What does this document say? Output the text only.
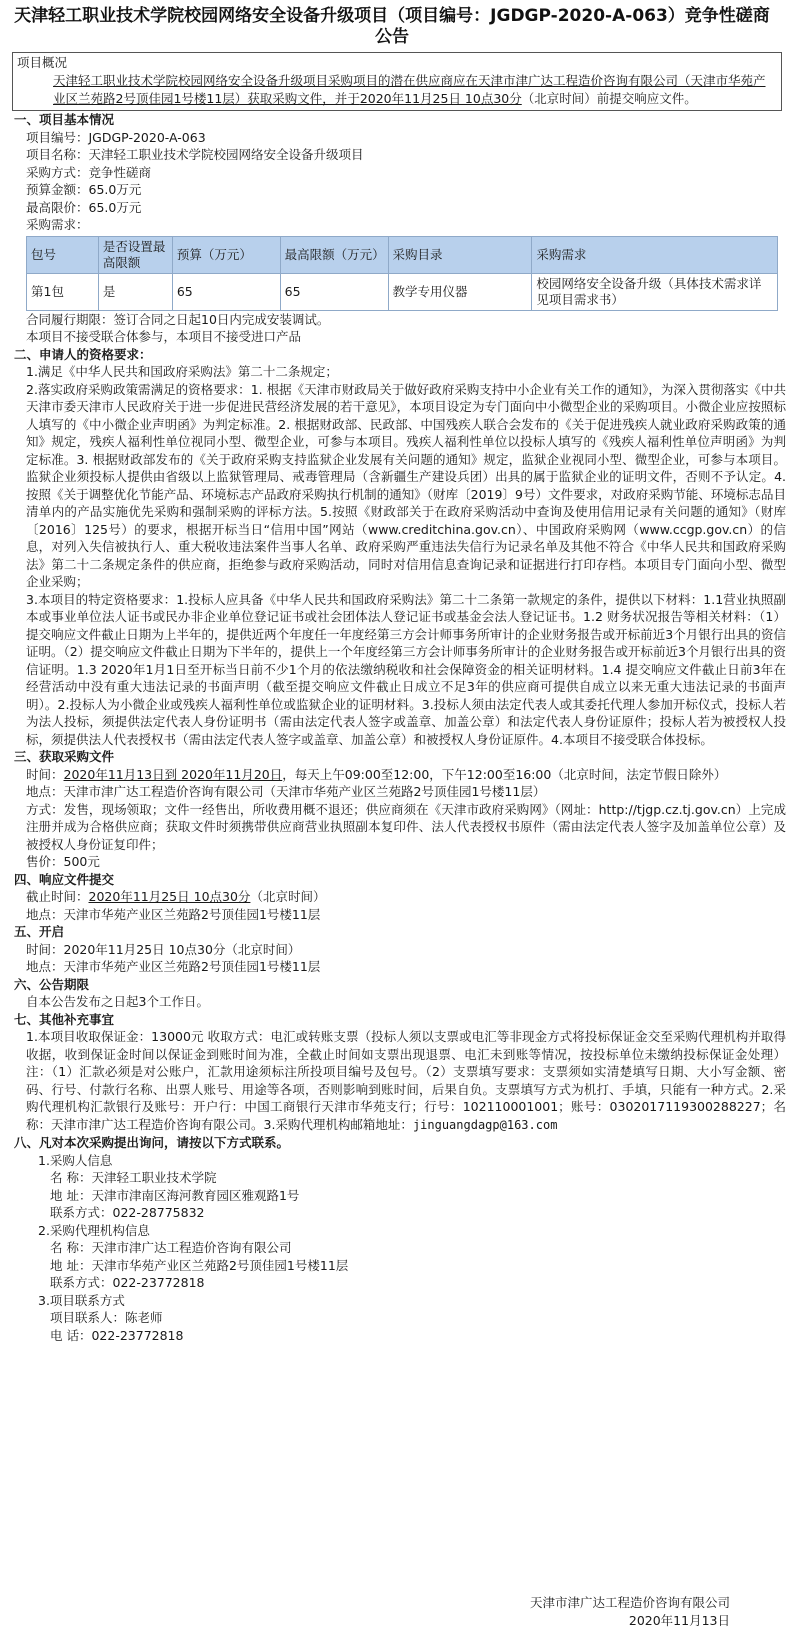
天津轻工职业技术学院校园网络安全设备升级项目（项目编号：JGDGP-2020-A-063）竞争性磋商公告
项目概况
天津轻工职业技术学院校园网络安全设备升级项目采购项目的潜在供应商应在天津市津广达工程造价咨询有限公司（天津市华苑产业区兰苑路2号顶佳园1号楼11层）获取采购文件，并于2020年11月25日 10点30分（北京时间）前提交响应文件。
一、项目基本情况
项目编号：JGDGP-2020-A-063
项目名称：天津轻工职业技术学院校园网络安全设备升级项目
采购方式：竞争性磋商
预算金额：65.0万元
最高限价：65.0万元
采购需求：
包号	是否设置最高限额	预算（万元）	最高限额（万元）	采购目录	采购需求
第1包	是	65	65	教学专用仪器	校园网络安全设备升级（具体技术需求详见项目需求书）
合同履行期限：签订合同之日起10日内完成安装调试。
本项目不接受联合体参与，本项目不接受进口产品
二、申请人的资格要求：
1.满足《中华人民共和国政府采购法》第二十二条规定；
2.落实政府采购政策需满足的资格要求：1. 根据《天津市财政局关于做好政府采购支持中小企业有关工作的通知》，为深入贯彻落实《中共天津市委天津市人民政府关于进一步促进民营经济发展的若干意见》，本项目设定为专门面向中小微型企业的采购项目。小微企业应按照标人填写的《中小微企业声明函》为判定标准。2. 根据财政部、民政部、中国残疾人联合会发布的《关于促进残疾人就业政府采购政策的通知》规定，残疾人福利性单位视同小型、微型企业，可参与本项目。残疾人福利性单位以投标人填写的《残疾人福利性单位声明函》为判定标准。3. 根据财政部发布的《关于政府采购支持监狱企业发展有关问题的通知》规定，监狱企业视同小型、微型企业，可参与本项目。监狱企业须投标人提供由省级以上监狱管理局、戒毒管理局（含新疆生产建设兵团）出具的属于监狱企业的证明文件，否则不予认定。4.按照《关于调整优化节能产品、环境标志产品政府采购执行机制的通知》（财库〔2019〕9号）文件要求，对政府采购节能、环境标志品目清单内的产品实施优先采购和强制采购的评标方法。5.按照《财政部关于在政府采购活动中查询及使用信用记录有关问题的通知》（财库〔2016〕125号）的要求，根据开标当日“信用中国”网站（www.creditchina.gov.cn）、中国政府采购网（www.ccgp.gov.cn）的信息，对列入失信被执行人、重大税收违法案件当事人名单、政府采购严重违法失信行为记录名单及其他不符合《中华人民共和国政府采购法》第二十二条规定条件的供应商，拒绝参与政府采购活动，同时对信用信息查询记录和证据进行打印存档。本项目专门面向小型、微型企业采购；
3.本项目的特定资格要求：1.投标人应具备《中华人民共和国政府采购法》第二十二条第一款规定的条件，提供以下材料：1.1营业执照副本或事业单位法人证书或民办非企业单位登记证书或社会团体法人登记证书或基金会法人登记证书。1.2 财务状况报告等相关材料：（1）提交响应文件截止日期为上半年的，提供近两个年度任一年度经第三方会计师事务所审计的企业财务报告或开标前近3个月银行出具的资信证明。（2）提交响应文件截止日期为下半年的，提供上一个年度经第三方会计师事务所审计的企业财务报告或开标前近3个月银行出具的资信证明。1.3 2020年1月1日至开标当日前不少1个月的依法缴纳税收和社会保障资金的相关证明材料。1.4 提交响应文件截止日前3年在经营活动中没有重大违法记录的书面声明（截至提交响应文件截止日成立不足3年的供应商可提供自成立以来无重大违法记录的书面声明）。2.投标人为小微企业或残疾人福利性单位或监狱企业的证明材料。3.投标人须由法定代表人或其委托代理人参加开标仪式，投标人若为法人投标，须提供法定代表人身份证明书（需由法定代表人签字或盖章、加盖公章）和法定代表人身份证原件；投标人若为被授权人投标，须提供法人代表授权书（需由法定代表人签字或盖章、加盖公章）和被授权人身份证原件。4.本项目不接受联合体投标。
三、获取采购文件
时间：2020年11月13日到 2020年11月20日，每天上午09:00至12:00，下午12:00至16:00（北京时间，法定节假日除外）
地点：天津市津广达工程造价咨询有限公司（天津市华苑产业区兰苑路2号顶佳园1号楼11层）
方式：发售，现场领取；文件一经售出，所收费用概不退还；供应商须在《天津市政府采购网》（网址：http://tjgp.cz.tj.gov.cn）上完成注册并成为合格供应商；获取文件时须携带供应商营业执照副本复印件、法人代表授权书原件（需由法定代表人签字及加盖单位公章）及被授权人身份证复印件；
售价：500元
四、响应文件提交
截止时间：2020年11月25日 10点30分（北京时间）
地点：天津市华苑产业区兰苑路2号顶佳园1号楼11层
五、开启
时间：2020年11月25日 10点30分（北京时间）
地点：天津市华苑产业区兰苑路2号顶佳园1号楼11层
六、公告期限
自本公告发布之日起3个工作日。
七、其他补充事宜
1.本项目收取保证金：13000元 收取方式：电汇或转账支票（投标人须以支票或电汇等非现金方式将投标保证金交至采购代理机构并取得收据，收到保证金时间以保证金到账时间为准，全截止时间如支票出现退票、电汇未到账等情况，按投标单位未缴纳投标保证金处理）注：（1）汇款必须是对公账户，汇款用途须标注所投项目编号及包号。（2）支票填写要求：支票须如实清楚填写日期、大小写金额、密码、行号、付款行名称、出票人账号、用途等各项，否则影响到账时间，后果自负。支票填写方式为机打、手填，只能有一种方式。2.采购代理机构汇款银行及账号：开户行：中国工商银行天津市华苑支行；行号：102110001001；账号：0302017119300288227；名称：天津市津广达工程造价咨询有限公司。3.采购代理机构邮箱地址：jinguangdagp@163.com
八、凡对本次采购提出询问，请按以下方式联系。
1.采购人信息
名 称：天津轻工职业技术学院
地 址：天津市津南区海河教育园区雅观路1号
联系方式：022-28775832
2.采购代理机构信息
名 称：天津市津广达工程造价咨询有限公司
地 址：天津市华苑产业区兰苑路2号顶佳园1号楼11层
联系方式：022-23772818
3.项目联系方式
项目联系人：陈老师
电 话：022-23772818
天津市津广达工程造价咨询有限公司
2020年11月13日
